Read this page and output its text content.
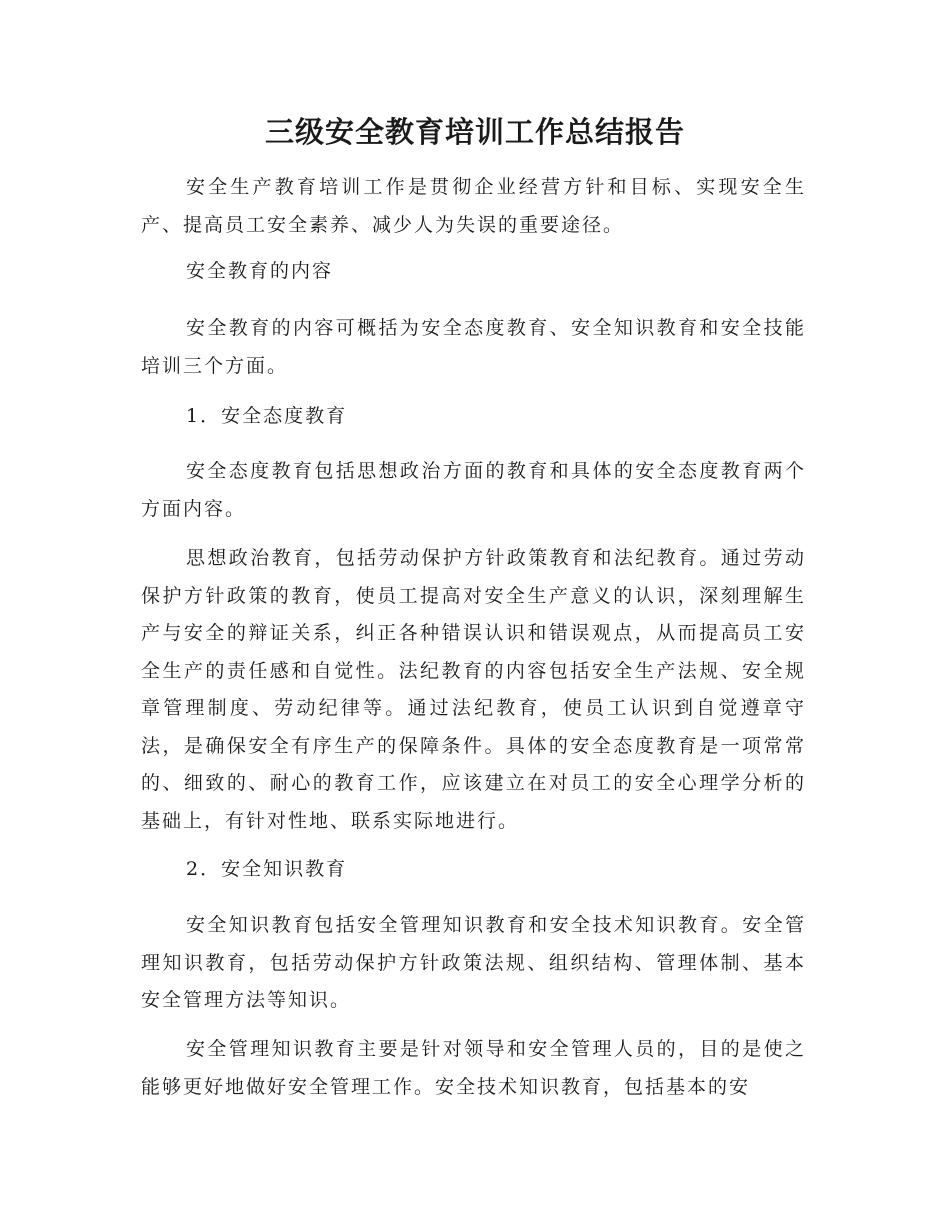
三级安全教育培训工作总结报告

安全生产教育培训工作是贯彻企业经营方针和目标、实现安全生产、提高员工安全素养、减少人为失误的重要途径。

安全教育的内容

安全教育的内容可概括为安全态度教育、安全知识教育和安全技能培训三个方面。

1．安全态度教育

安全态度教育包括思想政治方面的教育和具体的安全态度教育两个方面内容。

思想政治教育，包括劳动保护方针政策教育和法纪教育。通过劳动保护方针政策的教育，使员工提高对安全生产意义的认识，深刻理解生产与安全的辩证关系，纠正各种错误认识和错误观点，从而提高员工安全生产的责任感和自觉性。法纪教育的内容包括安全生产法规、安全规章管理制度、劳动纪律等。通过法纪教育，使员工认识到自觉遵章守法，是确保安全有序生产的保障条件。具体的安全态度教育是一项常常的、细致的、耐心的教育工作，应该建立在对员工的安全心理学分析的基础上，有针对性地、联系实际地进行。

2．安全知识教育

安全知识教育包括安全管理知识教育和安全技术知识教育。安全管理知识教育，包括劳动保护方针政策法规、组织结构、管理体制、基本安全管理方法等知识。

安全管理知识教育主要是针对领导和安全管理人员的，目的是使之能够更好地做好安全管理工作。安全技术知识教育，包括基本的安
